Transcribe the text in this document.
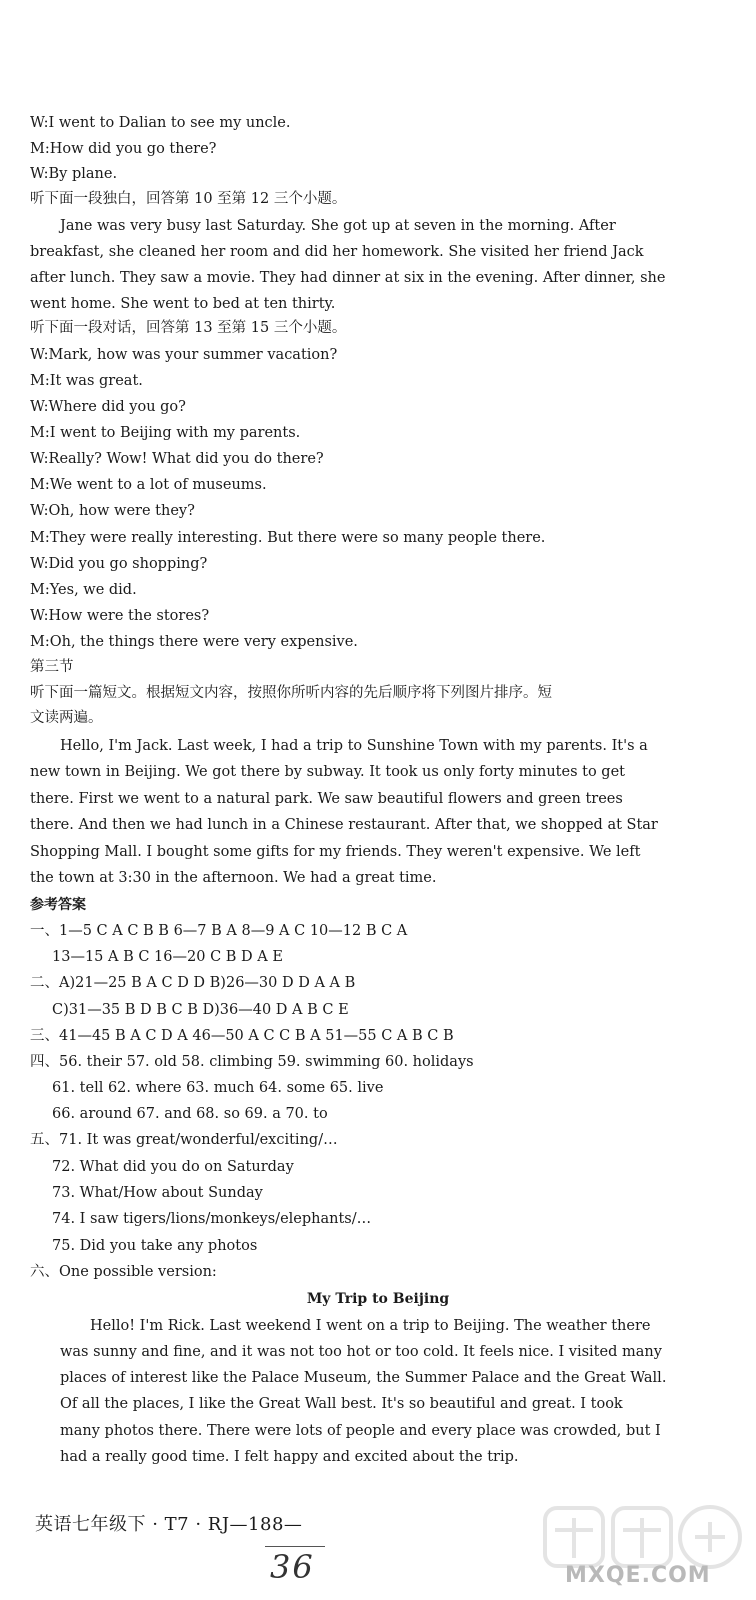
W:I went to Dalian to see my uncle.
M:How did you go there?
W:By plane.
听下面一段独白，回答第 10 至第 12 三个小题。
Jane was very busy last Saturday. She got up at seven in the morning. After
breakfast, she cleaned her room and did her homework. She visited her friend Jack
after lunch. They saw a movie. They had dinner at six in the evening. After dinner, she
went home. She went to bed at ten thirty.
听下面一段对话，回答第 13 至第 15 三个小题。
W:Mark, how was your summer vacation?
M:It was great.
W:Where did you go?
M:I went to Beijing with my parents.
W:Really? Wow! What did you do there?
M:We went to a lot of museums.
W:Oh, how were they?
M:They were really interesting. But there were so many people there.
W:Did you go shopping?
M:Yes, we did.
W:How were the stores?
M:Oh, the things there were very expensive.
第三节
听下面一篇短文。根据短文内容，按照你所听内容的先后顺序将下列图片排序。短
文读两遍。
Hello, I'm Jack. Last week, I had a trip to Sunshine Town with my parents. It's a
new town in Beijing. We got there by subway. It took us only forty minutes to get
there. First we went to a natural park. We saw beautiful flowers and green trees
there. And then we had lunch in a Chinese restaurant. After that, we shopped at Star
Shopping Mall. I bought some gifts for my friends. They weren't expensive. We left
the town at 3:30 in the afternoon. We had a great time.
参考答案
一、1—5 C A C B B 6—7 B A 8—9 A C 10—12 B C A
13—15 A B C 16—20 C B D A E
二、A)21—25 B A C D D B)26—30 D D A A B
C)31—35 B D B C B D)36—40 D A B C E
三、41—45 B A C D A 46—50 A C C B A 51—55 C A B C B
四、56. their 57. old 58. climbing 59. swimming 60. holidays
61. tell 62. where 63. much 64. some 65. live
66. around 67. and 68. so 69. a 70. to
五、71. It was great/wonderful/exciting/…
72. What did you do on Saturday
73. What/How about Sunday
74. I saw tigers/lions/monkeys/elephants/…
75. Did you take any photos
六、One possible version:
My Trip to Beijing
Hello! I'm Rick. Last weekend I went on a trip to Beijing. The weather there
was sunny and fine, and it was not too hot or too cold. It feels nice. I visited many
places of interest like the Palace Museum, the Summer Palace and the Great Wall.
Of all the places, I like the Great Wall best. It's so beautiful and great. I took
many photos there. There were lots of people and every place was crowded, but I
had a really good time. I felt happy and excited about the trip.
英语七年级下 · T7 · RJ—188—
36	MXQE.COM
